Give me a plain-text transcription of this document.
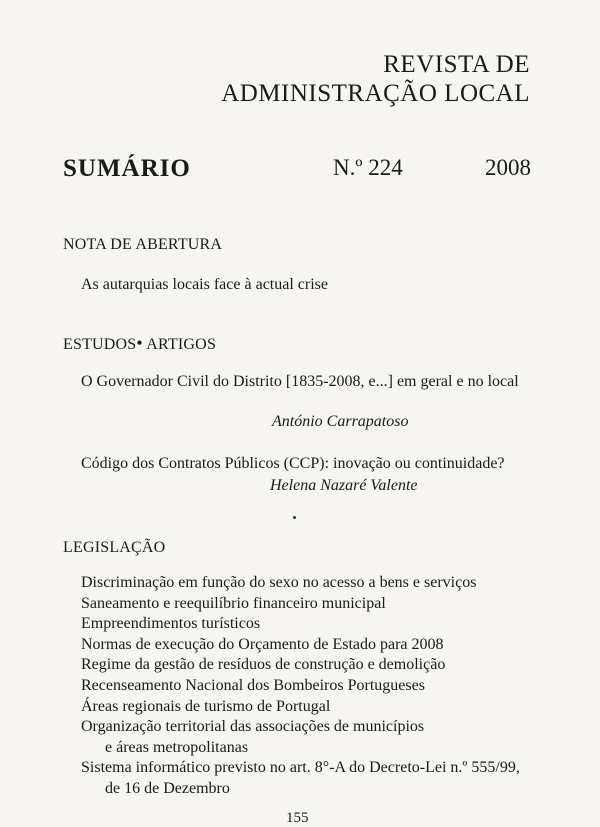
REVISTA DE
ADMINISTRAÇÃO LOCAL
SUMÁRIO	N.º 224	2008
NOTA DE ABERTURA
As autarquias locais face à actual crise
ESTUDOS• ARTIGOS
O Governador Civil do Distrito [1835-2008, e...] em geral e no local
António Carrapatoso
Código dos Contratos Públicos (CCP): inovação ou continuidade?
Helena Nazaré Valente
LEGISLAÇÃO
Discriminação em função do sexo no acesso a bens e serviços
Saneamento e reequilíbrio financeiro municipal
Empreendimentos turísticos
Normas de execução do Orçamento de Estado para 2008
Regime da gestão de resíduos de construção e demolição
Recenseamento Nacional dos Bombeiros Portugueses
Áreas regionais de turismo de Portugal
Organização territorial das associações de municípios
e áreas metropolitanas
Sistema informático previsto no art. 8°-A do Decreto-Lei n.º 555/99,
de 16 de Dezembro
155
